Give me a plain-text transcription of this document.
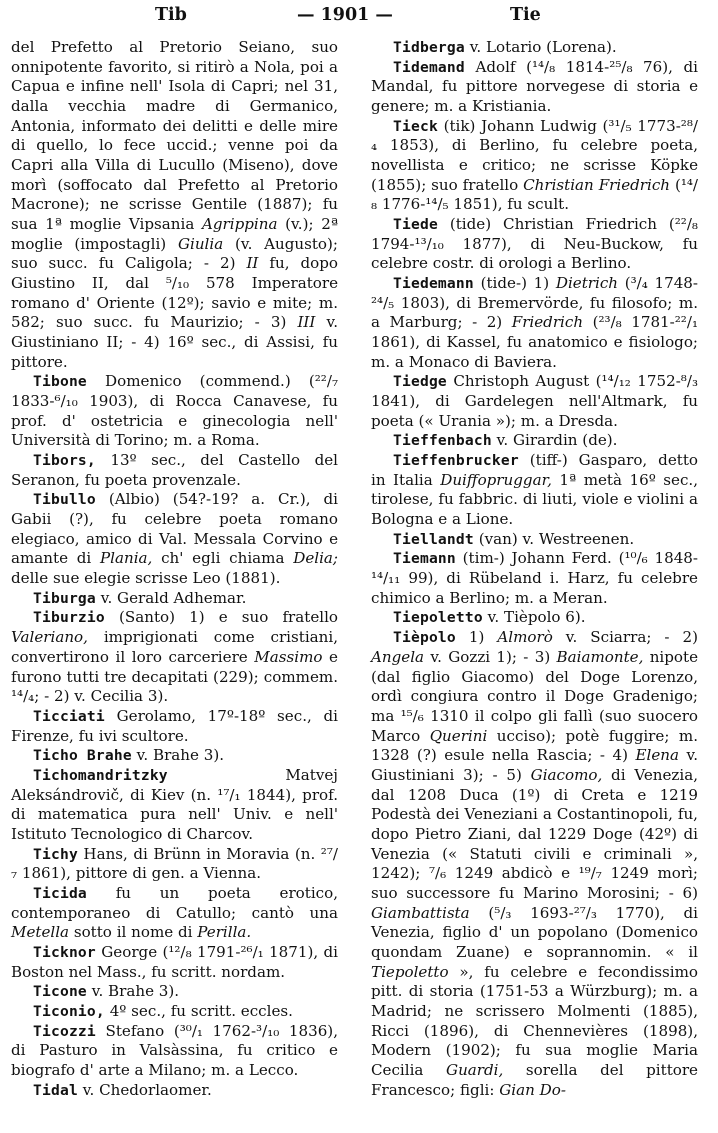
Tib	— 1901 —	Tie

del Prefetto al Pretorio Seiano, suo onnipotente favorito, si ritirò a Nola, poi a Capua e infine nell' Isola di Capri; nel 31, dalla vecchia madre di Germanico, Antonia, informato dei delitti e delle mire di quello, lo fece uccid.; venne poi da Capri alla Villa di Lucullo (Miseno), dove morì (soffocato dal Prefetto al Pretorio Macrone); ne scrisse Gentile (1887); fu sua 1ª moglie Vipsania Agrippina (v.); 2ª moglie (impostagli) Giulia (v. Augusto); suo succ. fu Caligola; - 2) II fu, dopo Giustino II, dal ⁵/₁₀ 578 Imperatore romano d' Oriente (12º); savio e mite; m. 582; suo succ. fu Maurizio; - 3) III v. Giustiniano II; - 4) 16º sec., di Assisi, fu pittore.

Tibone Domenico (commend.) (²²/₇ 1833-⁶/₁₀ 1903), di Rocca Canavese, fu prof. d' ostetricia e ginecologia nell' Università di Torino; m. a Roma.

Tibors, 13º sec., del Castello del Seranon, fu poeta provenzale.

Tibullo (Albio) (54?-19? a. Cr.), di Gabii (?), fu celebre poeta romano elegiaco, amico di Val. Messala Corvino e amante di Plania, ch' egli chiama Delia; delle sue elegie scrisse Leo (1881).

Tiburga v. Gerald Adhemar.

Tiburzio (Santo) 1) e suo fratello Valeriano, imprigionati come cristiani, convertirono il loro carceriere Massimo e furono tutti tre decapitati (229); commem. ¹⁴/₄; - 2) v. Cecilia 3).

Ticciati Gerolamo, 17º-18º sec., di Firenze, fu ivi scultore.

Ticho Brahe v. Brahe 3).

Tichomandritzky Matvej Aleksándrovič, di Kiev (n. ¹⁷/₁ 1844), prof. di matematica pura nell' Univ. e nell' Istituto Tecnologico di Charcov.

Tichy Hans, di Brünn in Moravia (n. ²⁷/₇ 1861), pittore di gen. a Vienna.

Ticida fu un poeta erotico, contemporaneo di Catullo; cantò una Metella sotto il nome di Perilla.

Ticknor George (¹²/₈ 1791-²⁶/₁ 1871), di Boston nel Mass., fu scritt. nordam.

Ticone v. Brahe 3).

Ticonio, 4º sec., fu scritt. eccles.

Ticozzi Stefano (³⁰/₁ 1762-³/₁₀ 1836), di Pasturo in Valsàssina, fu critico e biografo d' arte a Milano; m. a Lecco.

Tidal v. Chedorlaomer.

Tidberga v. Lotario (Lorena).

Tidemand Adolf (¹⁴/₈ 1814-²⁵/₈ 76), di Mandal, fu pittore norvegese di storia e genere; m. a Kristiania.

Tieck (tik) Johann Ludwig (³¹/₅ 1773-²⁸/₄ 1853), di Berlino, fu celebre poeta, novellista e critico; ne scrisse Köpke (1855); suo fratello Christian Friedrich (¹⁴/₈ 1776-¹⁴/₅ 1851), fu scult.

Tiede (tide) Christian Friedrich (²²/₈ 1794-¹³/₁₀ 1877), di Neu-Buckow, fu celebre costr. di orologi a Berlino.

Tiedemann (tide-) 1) Dietrich (³/₄ 1748-²⁴/₅ 1803), di Bremervörde, fu filosofo; m. a Marburg; - 2) Friedrich (²³/₈ 1781-²²/₁ 1861), di Kassel, fu anatomico e fisiologo; m. a Monaco di Baviera.

Tiedge Christoph August (¹⁴/₁₂ 1752-⁸/₃ 1841), di Gardelegen nell'Altmark, fu poeta (« Urania »); m. a Dresda.

Tieffenbach v. Girardin (de).

Tieffenbrucker (tiff-) Gasparo, detto in Italia Duiffopruggar, 1ª metà 16º sec., tirolese, fu fabbric. di liuti, viole e violini a Bologna e a Lione.

Tiellandt (van) v. Westreenen.

Tiemann (tim-) Johann Ferd. (¹⁰/₆ 1848-¹⁴/₁₁ 99), di Rübeland i. Harz, fu celebre chimico a Berlino; m. a Meran.

Tiepoletto v. Tièpolo 6).

Tièpolo 1) Almorò v. Sciarra; - 2) Angela v. Gozzi 1); - 3) Baiamonte, nipote (dal figlio Giacomo) del Doge Lorenzo, ordì congiura contro il Doge Gradenigo; ma ¹⁵/₆ 1310 il colpo gli fallì (suo suocero Marco Querini ucciso); potè fuggire; m. 1328 (?) esule nella Rascia; - 4) Elena v. Giustiniani 3); - 5) Giacomo, di Venezia, dal 1208 Duca (1º) di Creta e 1219 Podestà dei Veneziani a Costantinopoli, fu, dopo Pietro Ziani, dal 1229 Doge (42º) di Venezia (« Statuti civili e criminali », 1242); ⁷/₆ 1249 abdicò e ¹⁹/₇ 1249 morì; suo successore fu Marino Morosini; - 6) Giambattista (⁵/₃ 1693-²⁷/₃ 1770), di Venezia, figlio d' un popolano (Domenico quondam Zuane) e soprannomin. « il Tiepoletto », fu celebre e fecondissimo pitt. di storia (1751-53 a Würzburg); m. a Madrid; ne scrissero Molmenti (1885), Ricci (1896), di Chennevières (1898), Modern (1902); fu sua moglie Maria Cecilia Guardi, sorella del pittore Francesco; figli: Gian Do-
